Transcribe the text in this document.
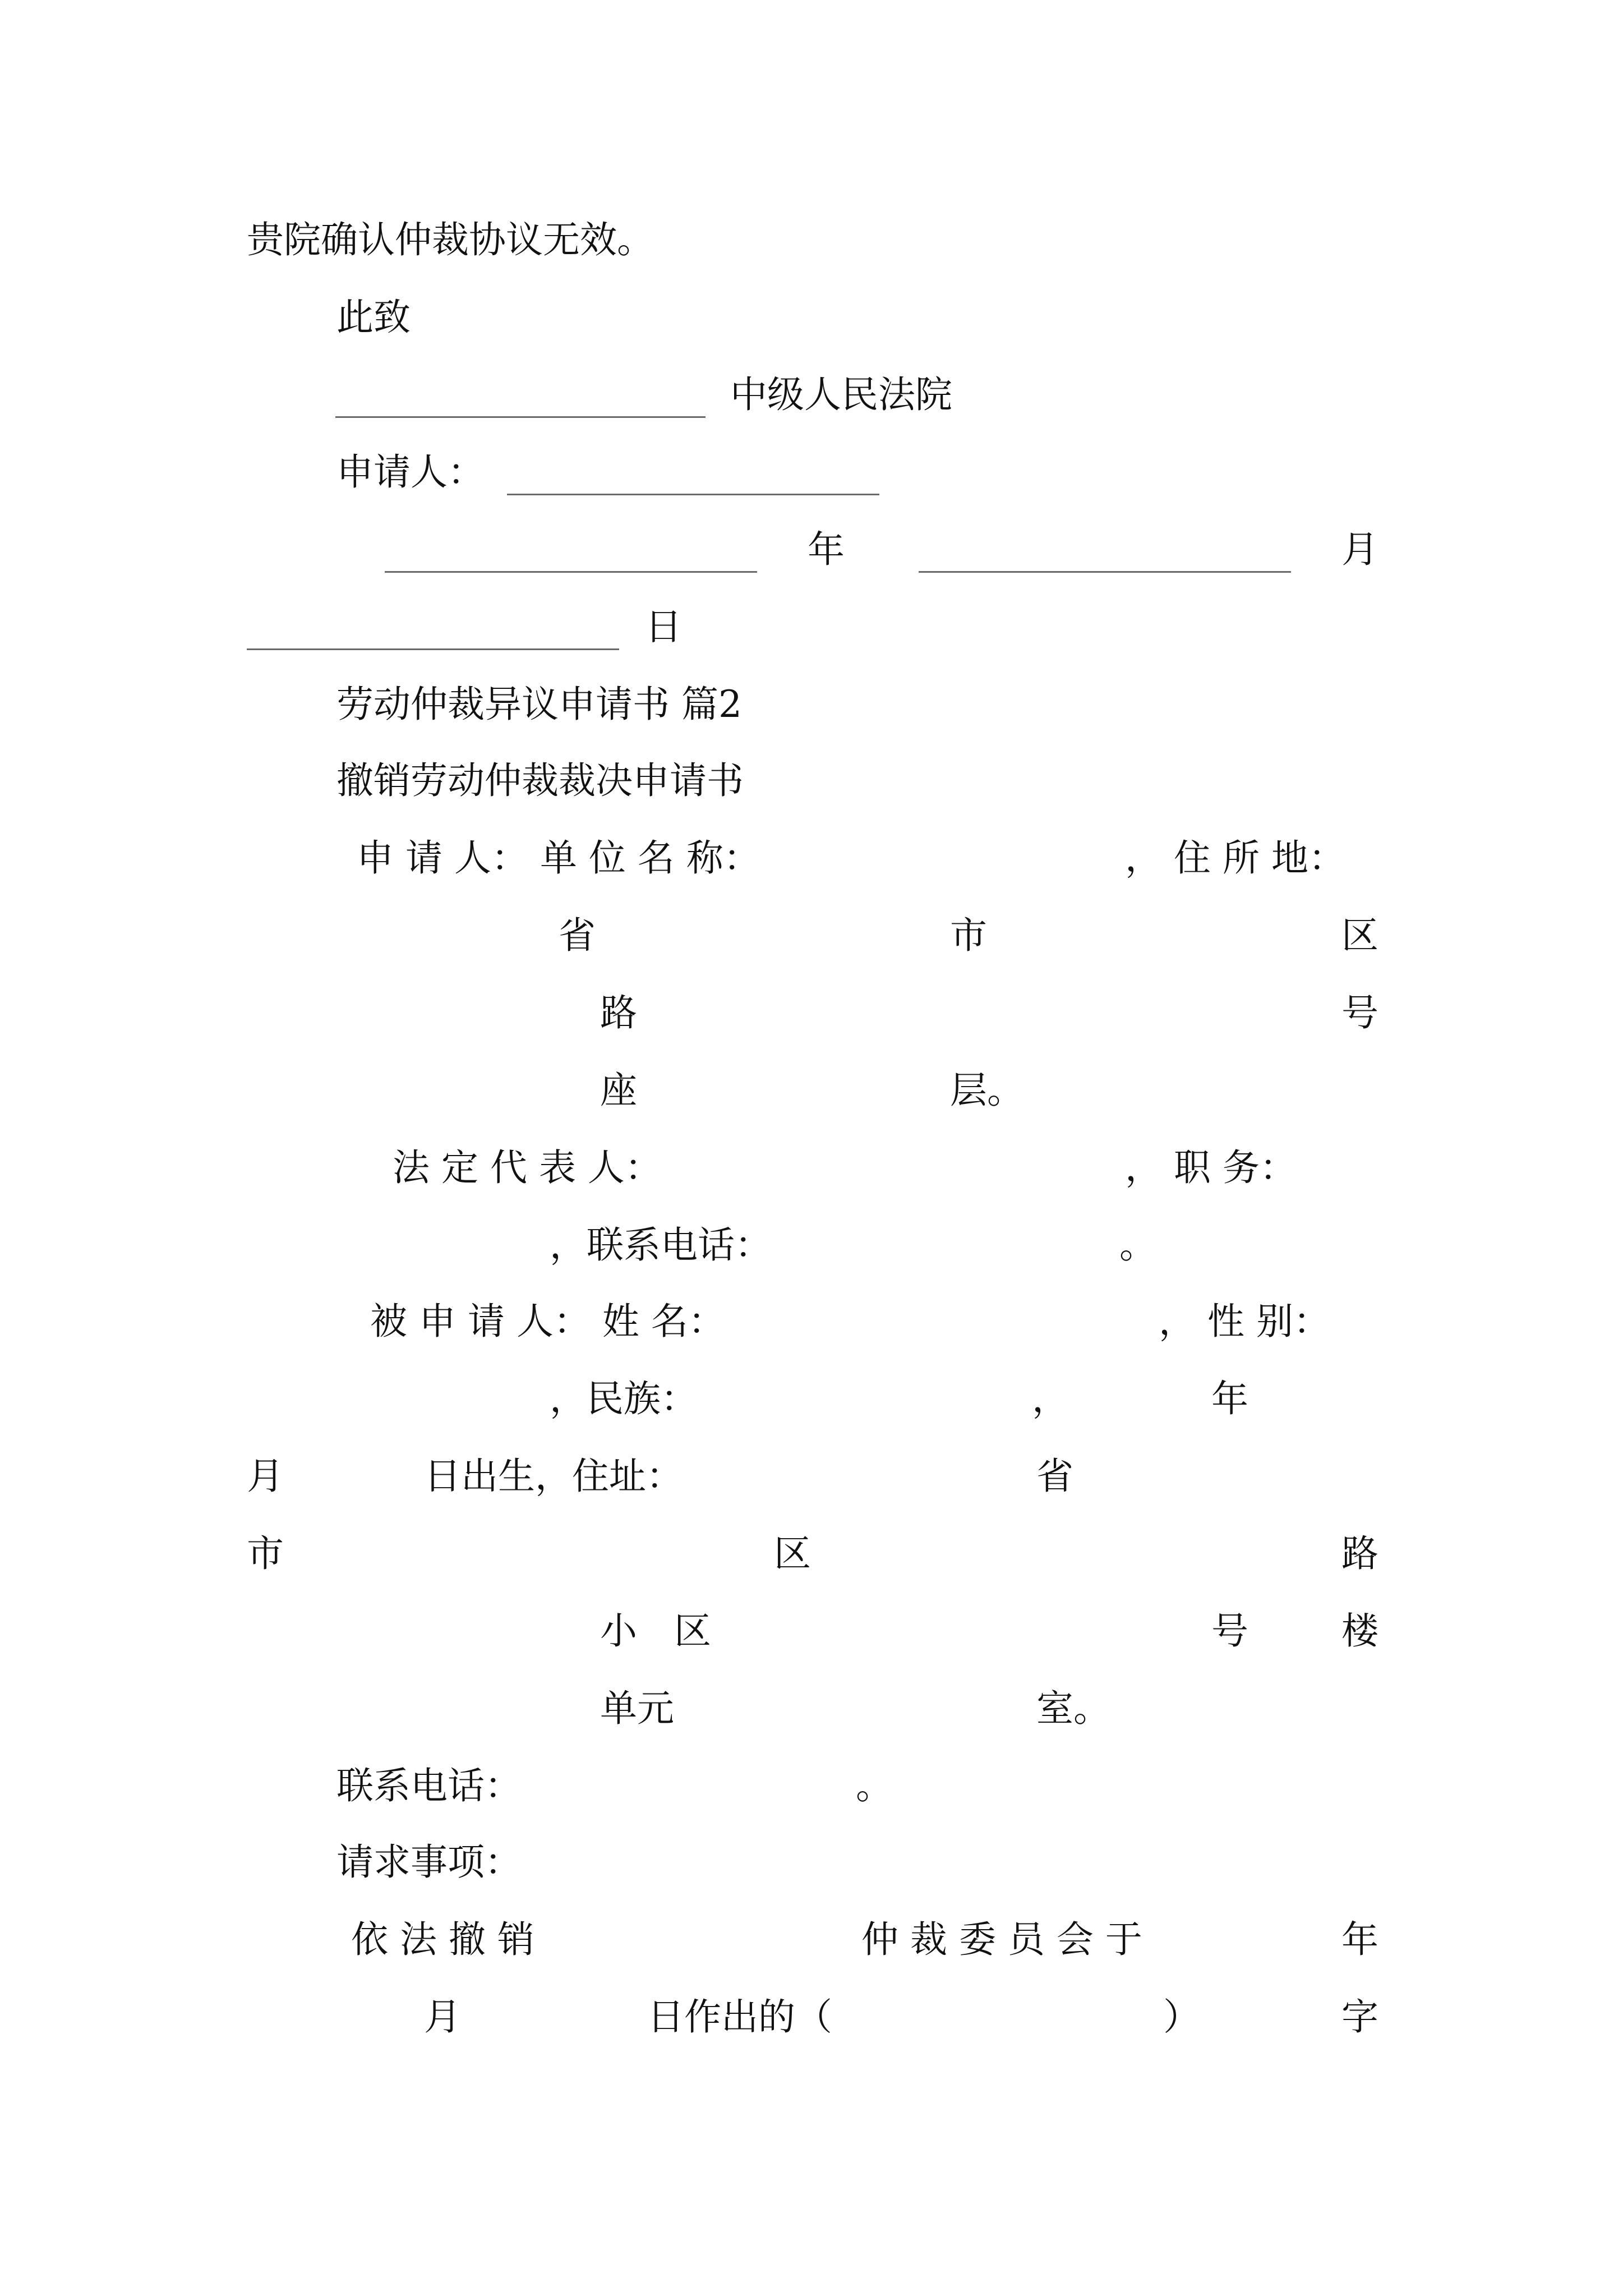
贵院确认仲裁协议无效。
此致
中级人民法院
申请人：
年	月
日
劳动仲裁异议申请书 篇2
撤销劳动仲裁裁决申请书
申 请 人： 单 位 名 称：	， 住 所 地：
省	市	区
路	号
座	层。
法 定 代 表 人：	， 职 务：
，联系电话：	。
被 申 请 人： 姓 名：	， 性 别：
，民族：	，	年
月	日出生，住址：	省
市	区	路
小　区	号	楼
单元	室。
联系电话：	。
请求事项：
依 法 撤 销	仲 裁 委 员 会 于	年
月	日作出的（	）	字
